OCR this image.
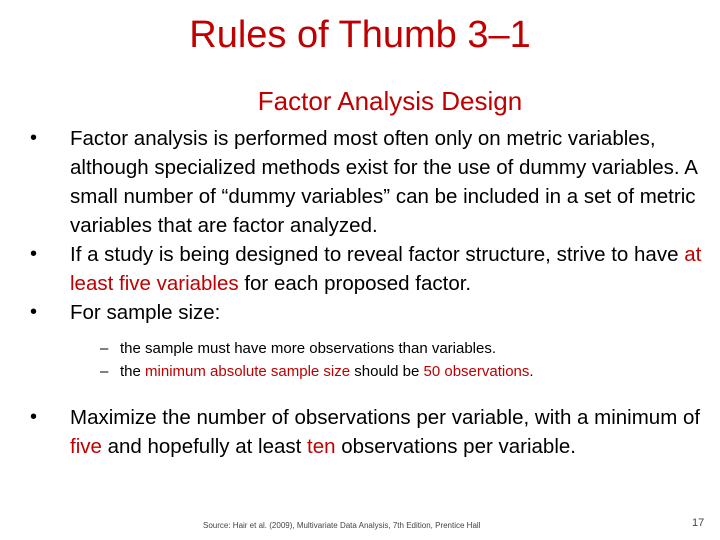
Rules of Thumb 3–1
Factor Analysis Design
• Factor analysis is performed most often only on metric variables, although specialized methods exist for the use of dummy variables. A small number of “dummy variables” can be included in a set of metric variables that are factor analyzed.
• If a study is being designed to reveal factor structure, strive to have at least five variables for each proposed factor.
• For sample size:
– the sample must have more observations than variables.
– the minimum absolute sample size should be 50 observations.
• Maximize the number of observations per variable, with a minimum of five and hopefully at least ten observations per variable.
Source: Hair et al. (2009), Multivariate Data Analysis, 7th Edition, Prentice Hall	17
